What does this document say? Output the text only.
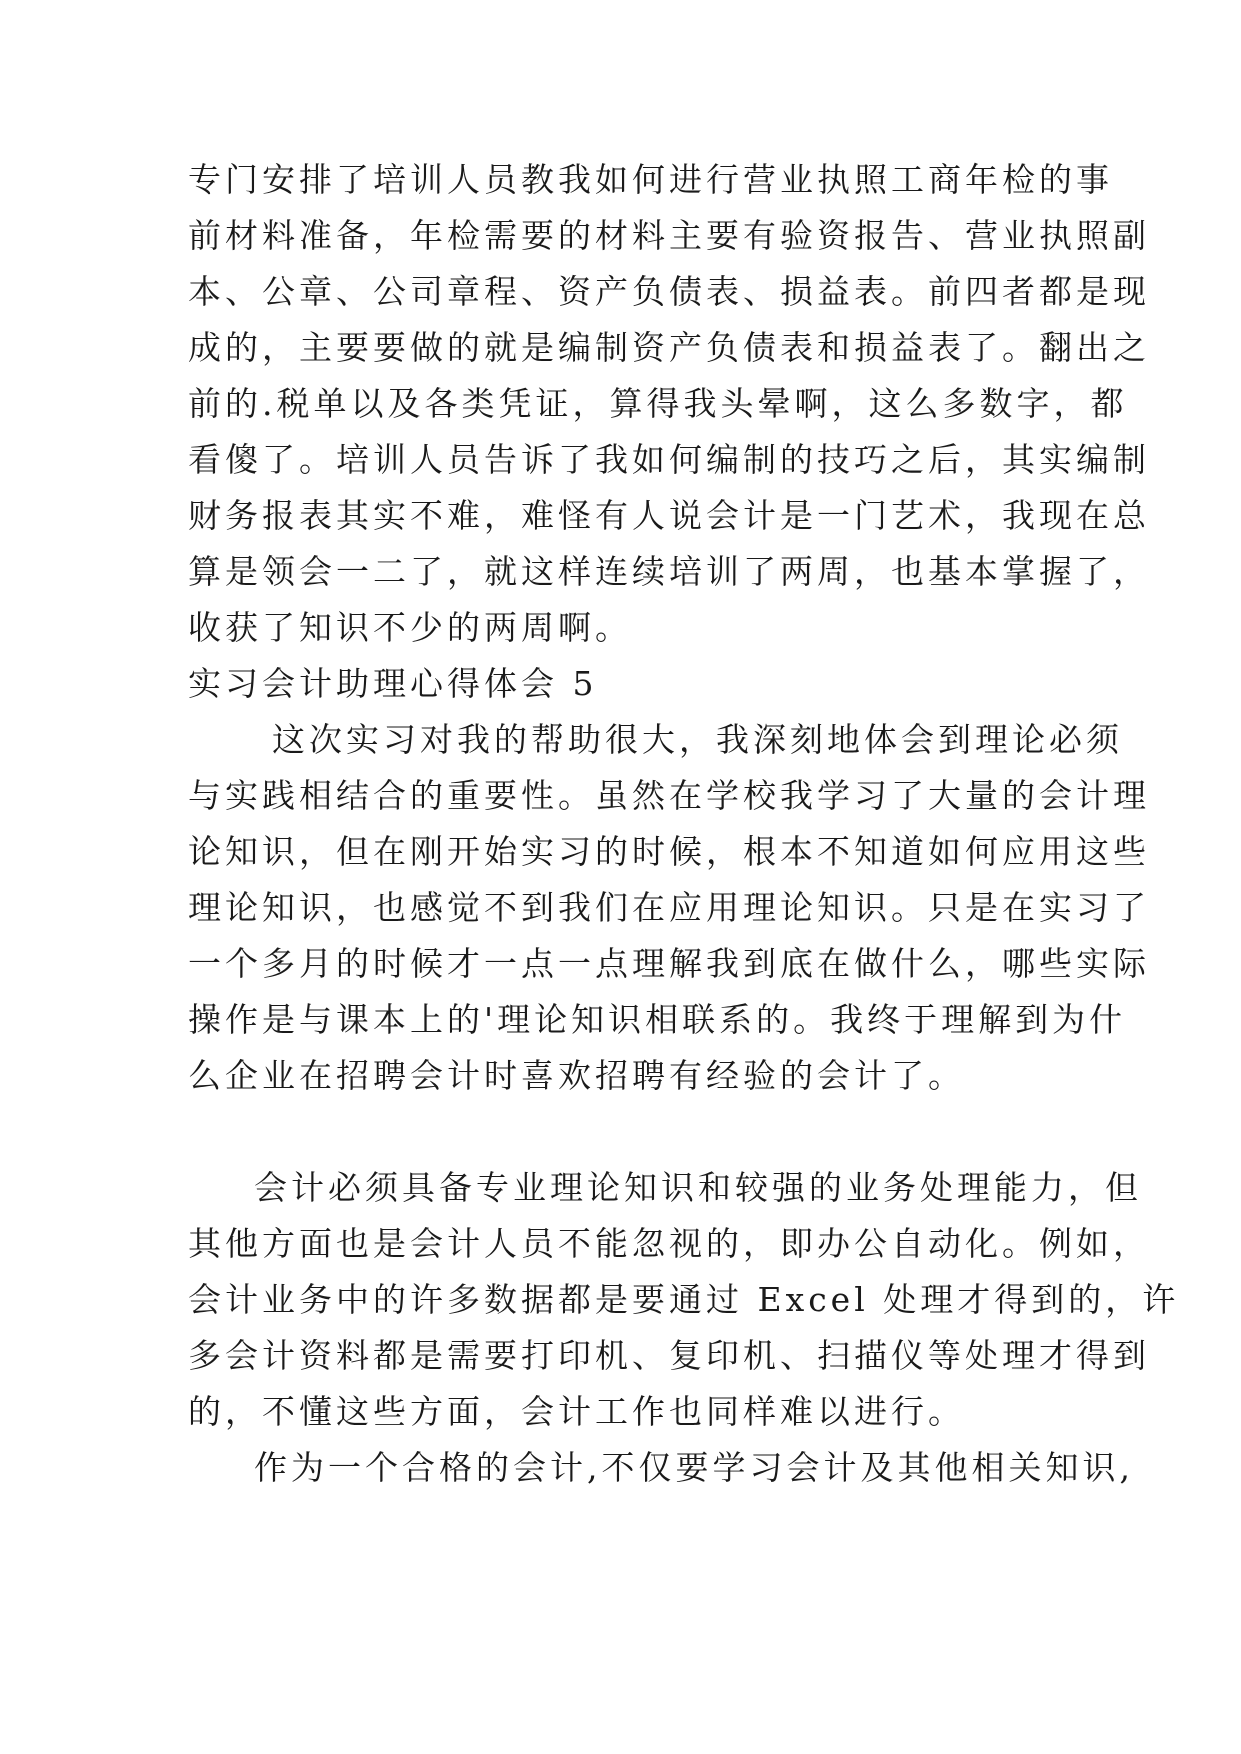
专门安排了培训人员教我如何进行营业执照工商年检的事
前材料准备，年检需要的材料主要有验资报告、营业执照副
本、公章、公司章程、资产负债表、损益表。前四者都是现
成的，主要要做的就是编制资产负债表和损益表了。翻出之
前的.税单以及各类凭证，算得我头晕啊，这么多数字，都
看傻了。培训人员告诉了我如何编制的技巧之后，其实编制
财务报表其实不难，难怪有人说会计是一门艺术，我现在总
算是领会一二了，就这样连续培训了两周，也基本掌握了，
收获了知识不少的两周啊。
实习会计助理心得体会 5
这次实习对我的帮助很大，我深刻地体会到理论必须
与实践相结合的重要性。虽然在学校我学习了大量的会计理
论知识，但在刚开始实习的时候，根本不知道如何应用这些
理论知识，也感觉不到我们在应用理论知识。只是在实习了
一个多月的时候才一点一点理解我到底在做什么，哪些实际
操作是与课本上的'理论知识相联系的。我终于理解到为什
么企业在招聘会计时喜欢招聘有经验的会计了。
会计必须具备专业理论知识和较强的业务处理能力，但
其他方面也是会计人员不能忽视的，即办公自动化。例如，
会计业务中的许多数据都是要通过 Excel 处理才得到的，许
多会计资料都是需要打印机、复印机、扫描仪等处理才得到
的，不懂这些方面，会计工作也同样难以进行。
作为一个合格的会计,不仅要学习会计及其他相关知识,
